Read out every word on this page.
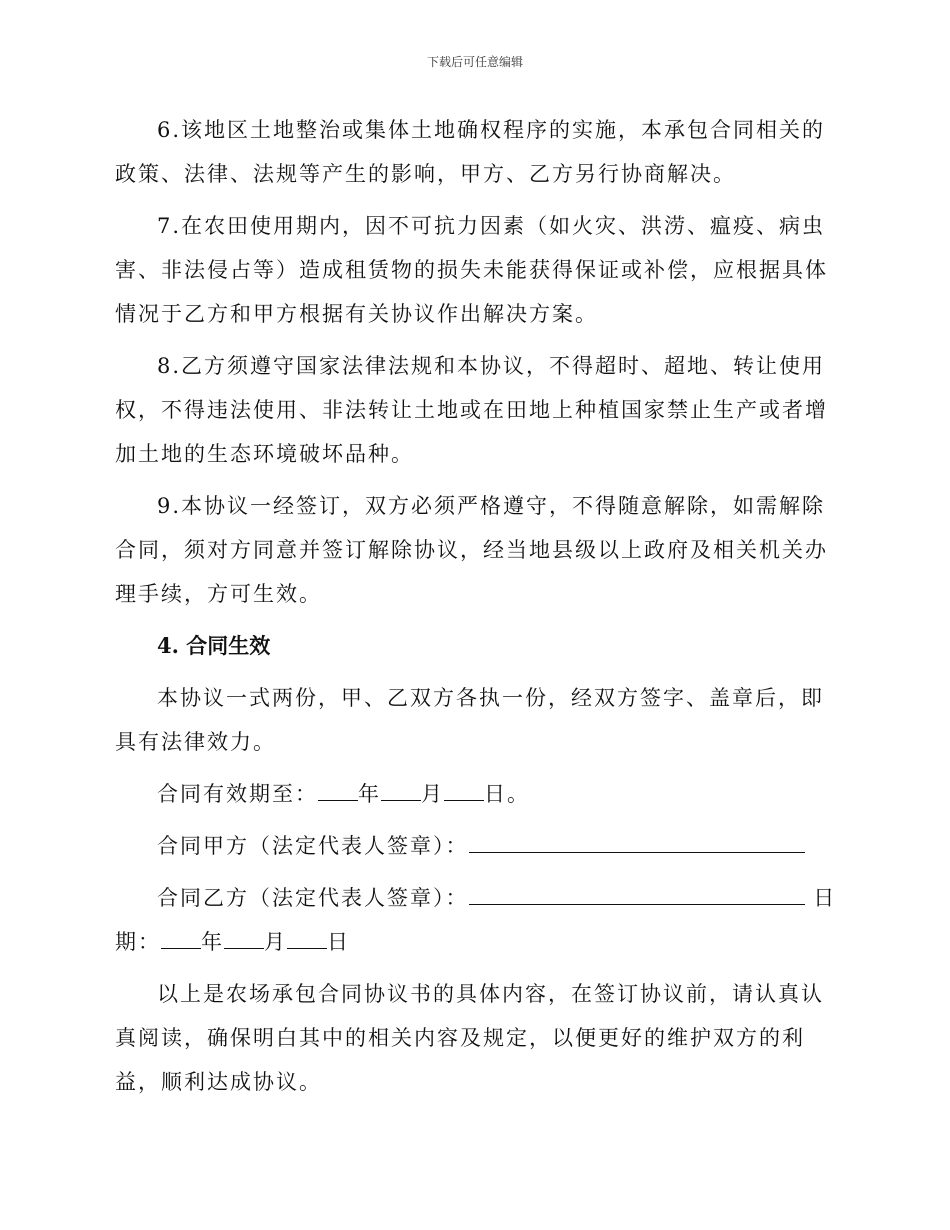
下载后可任意编辑

6.该地区土地整治或集体土地确权程序的实施，本承包合同相关的政策、法律、法规等产生的影响，甲方、乙方另行协商解决。

7.在农田使用期内，因不可抗力因素（如火灾、洪涝、瘟疫、病虫害、非法侵占等）造成租赁物的损失未能获得保证或补偿，应根据具体情况于乙方和甲方根据有关协议作出解决方案。

8.乙方须遵守国家法律法规和本协议，不得超时、超地、转让使用权，不得违法使用、非法转让土地或在田地上种植国家禁止生产或者增加土地的生态环境破坏品种。

9.本协议一经签订，双方必须严格遵守，不得随意解除，如需解除合同，须对方同意并签订解除协议，经当地县级以上政府及相关机关办理手续，方可生效。

4. 合同生效

本协议一式两份，甲、乙双方各执一份，经双方签字、盖章后，即具有法律效力。

合同有效期至： 年 月 日。
合同甲方（法定代表人签章）：
合同乙方（法定代表人签章）：	日
期： 年 月 日

以上是农场承包合同协议书的具体内容，在签订协议前，请认真认真阅读，确保明白其中的相关内容及规定，以便更好的维护双方的利益，顺利达成协议。
